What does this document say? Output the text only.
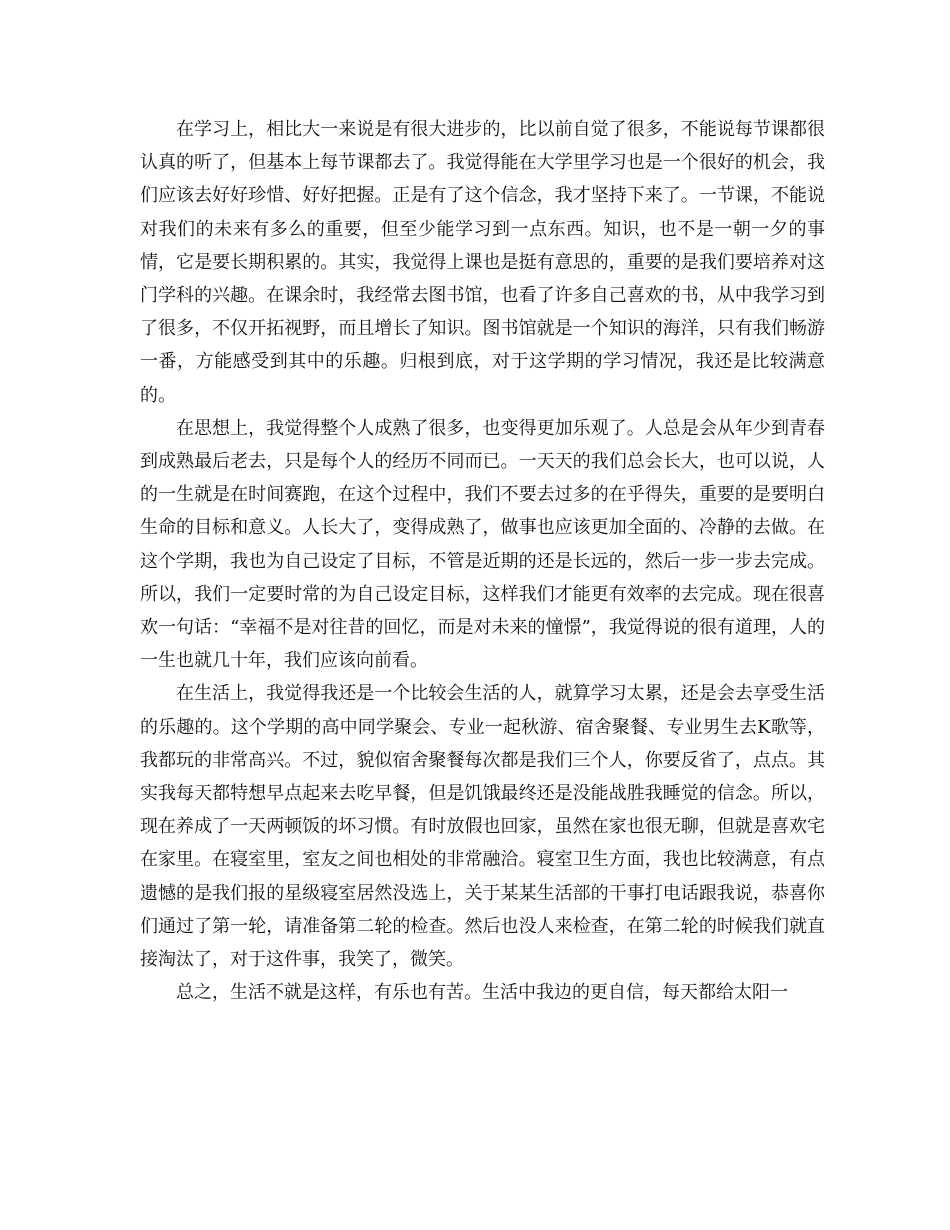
在学习上，相比大一来说是有很大进步的，比以前自觉了很多，不能说每节课都很认真的听了，但基本上每节课都去了。我觉得能在大学里学习也是一个很好的机会，我们应该去好好珍惜、好好把握。正是有了这个信念，我才坚持下来了。一节课，不能说对我们的未来有多么的重要，但至少能学习到一点东西。知识，也不是一朝一夕的事情，它是要长期积累的。其实，我觉得上课也是挺有意思的，重要的是我们要培养对这门学科的兴趣。在课余时，我经常去图书馆，也看了许多自己喜欢的书，从中我学习到了很多，不仅开拓视野，而且增长了知识。图书馆就是一个知识的海洋，只有我们畅游一番，方能感受到其中的乐趣。归根到底，对于这学期的学习情况，我还是比较满意的。

在思想上，我觉得整个人成熟了很多，也变得更加乐观了。人总是会从年少到青春到成熟最后老去，只是每个人的经历不同而已。一天天的我们总会长大，也可以说，人的一生就是在时间赛跑，在这个过程中，我们不要去过多的在乎得失，重要的是要明白生命的目标和意义。人长大了，变得成熟了，做事也应该更加全面的、冷静的去做。在这个学期，我也为自己设定了目标，不管是近期的还是长远的，然后一步一步去完成。所以，我们一定要时常的为自己设定目标，这样我们才能更有效率的去完成。现在很喜欢一句话：“幸福不是对往昔的回忆，而是对未来的憧憬”，我觉得说的很有道理，人的一生也就几十年，我们应该向前看。

在生活上，我觉得我还是一个比较会生活的人，就算学习太累，还是会去享受生活的乐趣的。这个学期的高中同学聚会、专业一起秋游、宿舍聚餐、专业男生去K歌等，我都玩的非常高兴。不过，貌似宿舍聚餐每次都是我们三个人，你要反省了，点点。其实我每天都特想早点起来去吃早餐，但是饥饿最终还是没能战胜我睡觉的信念。所以，现在养成了一天两顿饭的坏习惯。有时放假也回家，虽然在家也很无聊，但就是喜欢宅在家里。在寝室里，室友之间也相处的非常融洽。寝室卫生方面，我也比较满意，有点遗憾的是我们报的星级寝室居然没选上，关于某某生活部的干事打电话跟我说，恭喜你们通过了第一轮，请准备第二轮的检查。然后也没人来检查，在第二轮的时候我们就直接淘汰了，对于这件事，我笑了，微笑。

总之，生活不就是这样，有乐也有苦。生活中我边的更自信，每天都给太阳一
